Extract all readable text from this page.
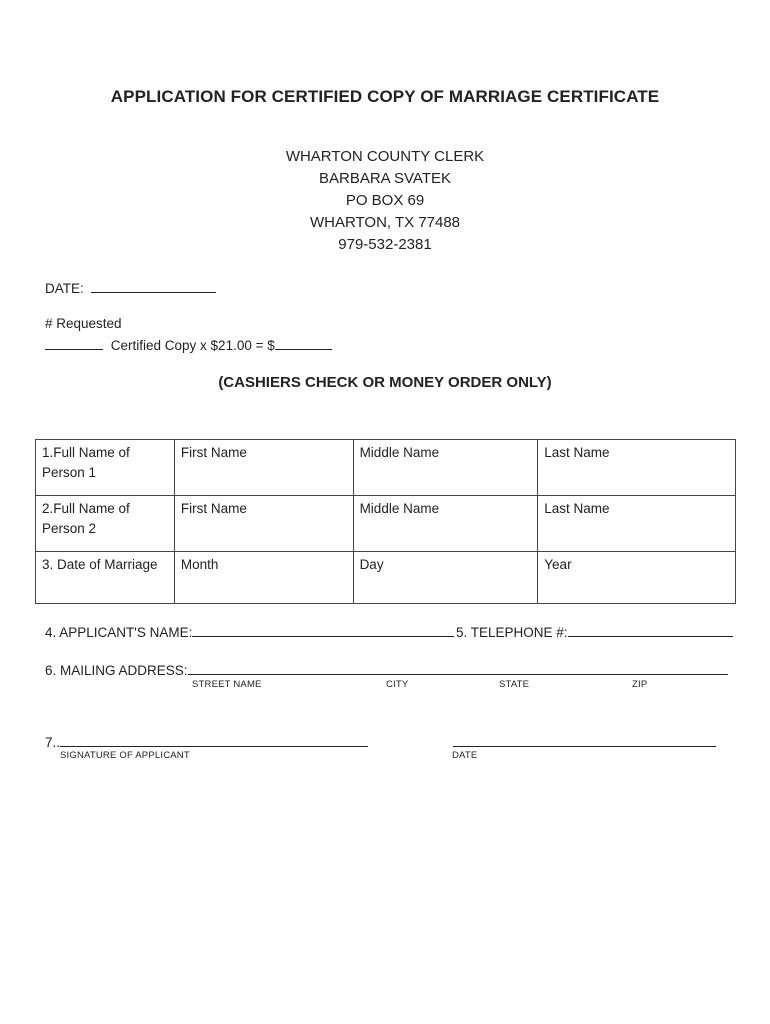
APPLICATION FOR CERTIFIED COPY OF MARRIAGE CERTIFICATE
WHARTON COUNTY CLERK
BARBARA SVATEK
PO BOX 69
WHARTON, TX 77488
979-532-2381
DATE:
# Requested
Certified Copy x $21.00 = $
(CASHIERS CHECK OR MONEY ORDER ONLY)
1.Full Name of
Person 1	First Name	Middle Name	Last Name

2.Full Name of
Person 2	First Name	Middle Name	Last Name
3. Date of Marriage	Month	Day	Year
4. APPLICANT'S NAME:	5. TELEPHONE #:
6. MAILING ADDRESS:
STREET NAME	CITY	STATE	ZIP
7..
SIGNATURE OF APPLICANT	DATE
